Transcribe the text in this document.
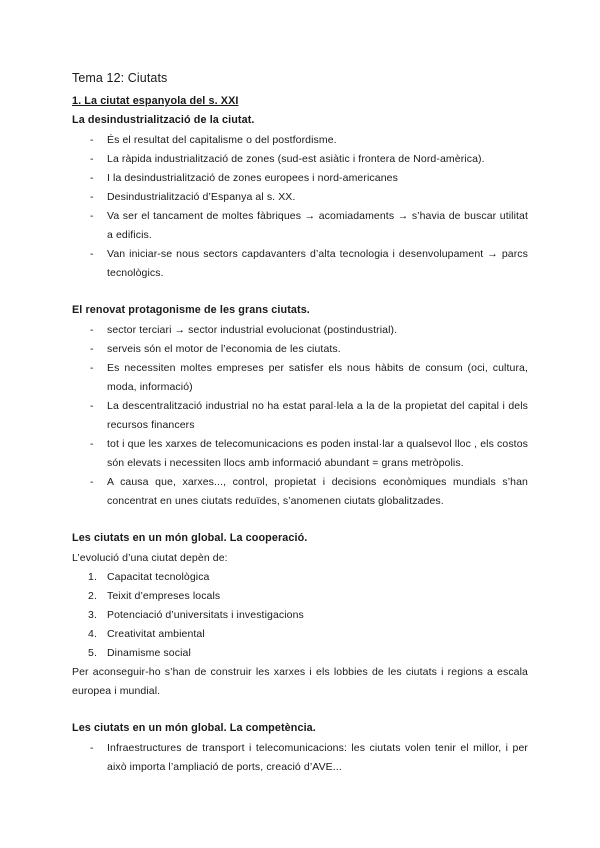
Tema 12: Ciutats
1. La ciutat espanyola del s. XXI
La desindustrialització de la ciutat.
- És el resultat del capitalisme o del postfordisme.
- La ràpida industrialització de zones (sud-est asiàtic i frontera de Nord-amèrica).
- I la desindustrialització de zones europees i nord-americanes
- Desindustrialització d’Espanya al s. XX.
- Va ser el tancament de moltes fàbriques → acomiadaments → s’havia de buscar utilitat a edificis.
- Van iniciar-se nous sectors capdavanters d’alta tecnologia i desenvolupament → parcs tecnològics.
El renovat protagonisme de les grans ciutats.
- sector terciari → sector industrial evolucionat (postindustrial).
- serveis són el motor de l’economia de les ciutats.
- Es necessiten moltes empreses per satisfer els nous hàbits de consum (oci, cultura, moda, informació)
- La descentralització industrial no ha estat paral·lela a la de la propietat del capital i dels recursos financers
- tot i que les xarxes de telecomunicacions es poden instal·lar a qualsevol lloc , els costos són elevats i necessiten llocs amb informació abundant = grans metròpolis.
- A causa que, xarxes..., control, propietat i decisions econòmiques mundials s’han concentrat en unes ciutats reduïdes, s’anomenen ciutats globalitzades.
Les ciutats en un món global. La cooperació.
L’evolució d’una ciutat depèn de:
1. Capacitat tecnològica
2. Teixit d’empreses locals
3. Potenciació d’universitats i investigacions
4. Creativitat ambiental
5. Dinamisme social
Per aconseguir-ho s’han de construir les xarxes i els lobbies de les ciutats i regions a escala europea i mundial.
Les ciutats en un món global. La competència.
- Infraestructures de transport i telecomunicacions: les ciutats volen tenir el millor, i per això importa l’ampliació de ports, creació d’AVE...
